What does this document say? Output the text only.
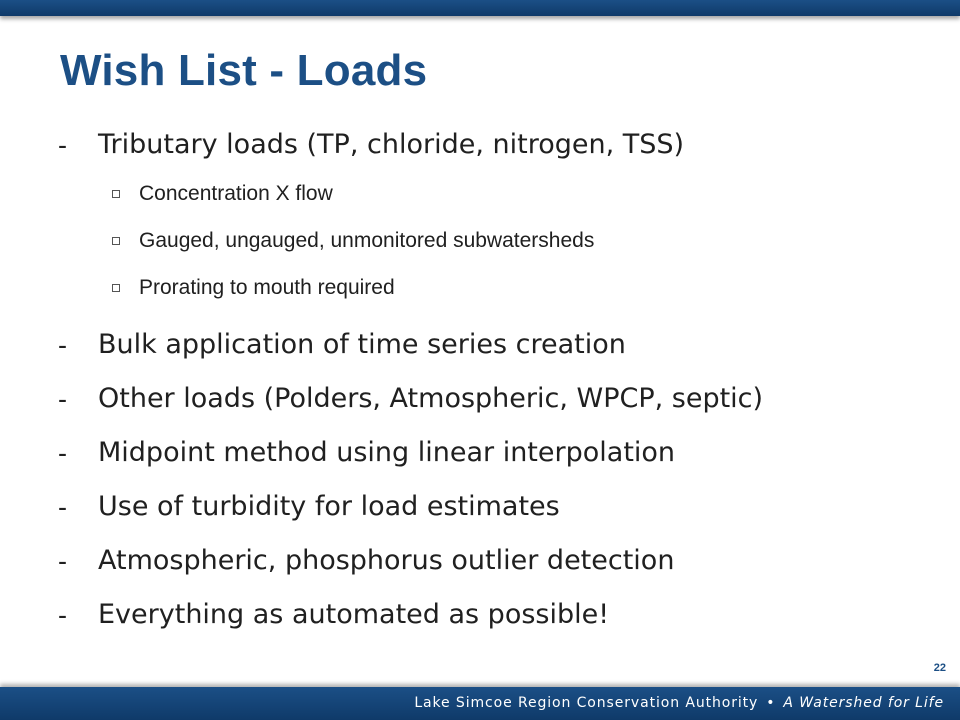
Wish List - Loads
-	Tributary loads (TP, chloride, nitrogen, TSS)
Concentration X flow
Gauged, ungauged, unmonitored subwatersheds
Prorating to mouth required
-	Bulk application of time series creation
-	Other loads (Polders, Atmospheric, WPCP, septic)
-	Midpoint method using linear interpolation
-	Use of turbidity for load estimates
-	Atmospheric, phosphorus outlier detection
-	Everything as automated as possible!
22
Lake Simcoe Region Conservation Authority • A Watershed for Life
